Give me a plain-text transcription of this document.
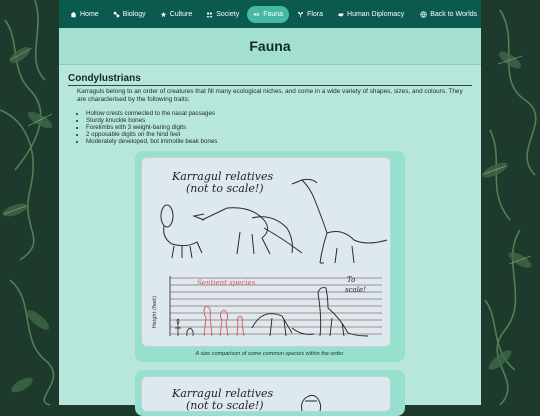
Home	Biology	Culture	Society	Fauna	Flora	Human Diplomacy	Back to Worlds
Fauna
Condylustrians

Karraguls belong to an order of creatures that fill many ecological niches, and come in a wide variety of shapes, sizes, and colours. They are characterised by the following traits:

• Hollow crests connected to the nasal passages
• Sturdy knuckle bones
• Forelimbs with 3 weight-baring digits
• 2 opposable digits on the hind feet
• Moderately developed, but immotile beak bones
Karragul relatives
(not to scale!)
Height (feet)
Sentient species	To
scale!
A size comparison of some common species within the order.
Karragul relatives
(not to scale!)
